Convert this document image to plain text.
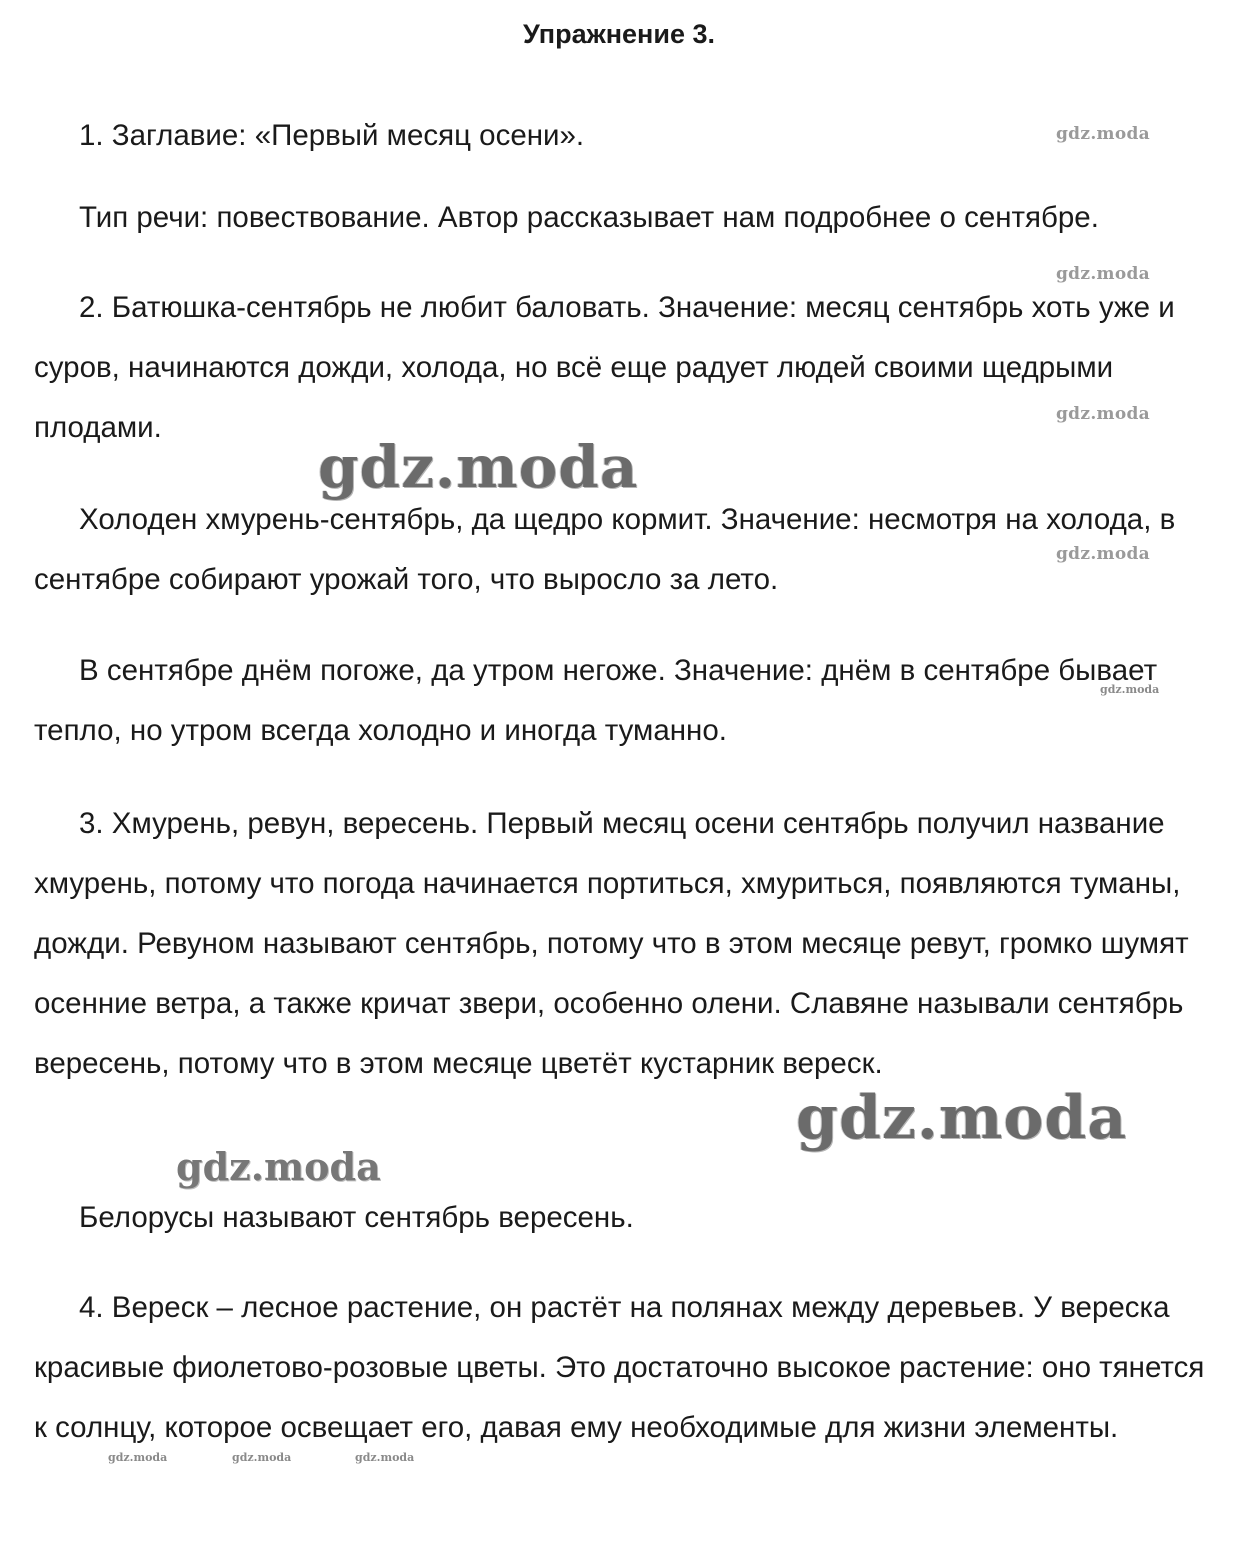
Упражнение 3.

1. Заглавие: «Первый месяц осени».

Тип речи: повествование. Автор рассказывает нам подробнее о сентябре.

2. Батюшка-сентябрь не любит баловать. Значение: месяц сентябрь хоть уже и суров, начинаются дожди, холода, но всё еще радует людей своими щедрыми плодами.

Холоден хмурень-сентябрь, да щедро кормит. Значение: несмотря на холода, в сентябре собирают урожай того, что выросло за лето.

В сентябре днём погоже, да утром негоже. Значение: днём в сентябре бывает тепло, но утром всегда холодно и иногда туманно.

3. Хмурень, ревун, вересень. Первый месяц осени сентябрь получил название хмурень, потому что погода начинается портиться, хмуриться, появляются туманы, дожди. Ревуном называют сентябрь, потому что в этом месяце ревут, громко шумят осенние ветра, а также кричат звери, особенно олени. Славяне называли сентябрь вересень, потому что в этом месяце цветёт кустарник вереск.

Белорусы называют сентябрь вересень.

4. Вереск – лесное растение, он растёт на полянах между деревьев. У вереска красивые фиолетово-розовые цветы. Это достаточно высокое растение: оно тянется к солнцу, которое освещает его, давая ему необходимые для жизни элементы.

gdz.moda
gdz.moda
gdz.moda
gdz.moda
gdz.moda
gdz.moda
gdz.moda
gdz.moda
gdz.moda	gdz.moda	gdz.moda
